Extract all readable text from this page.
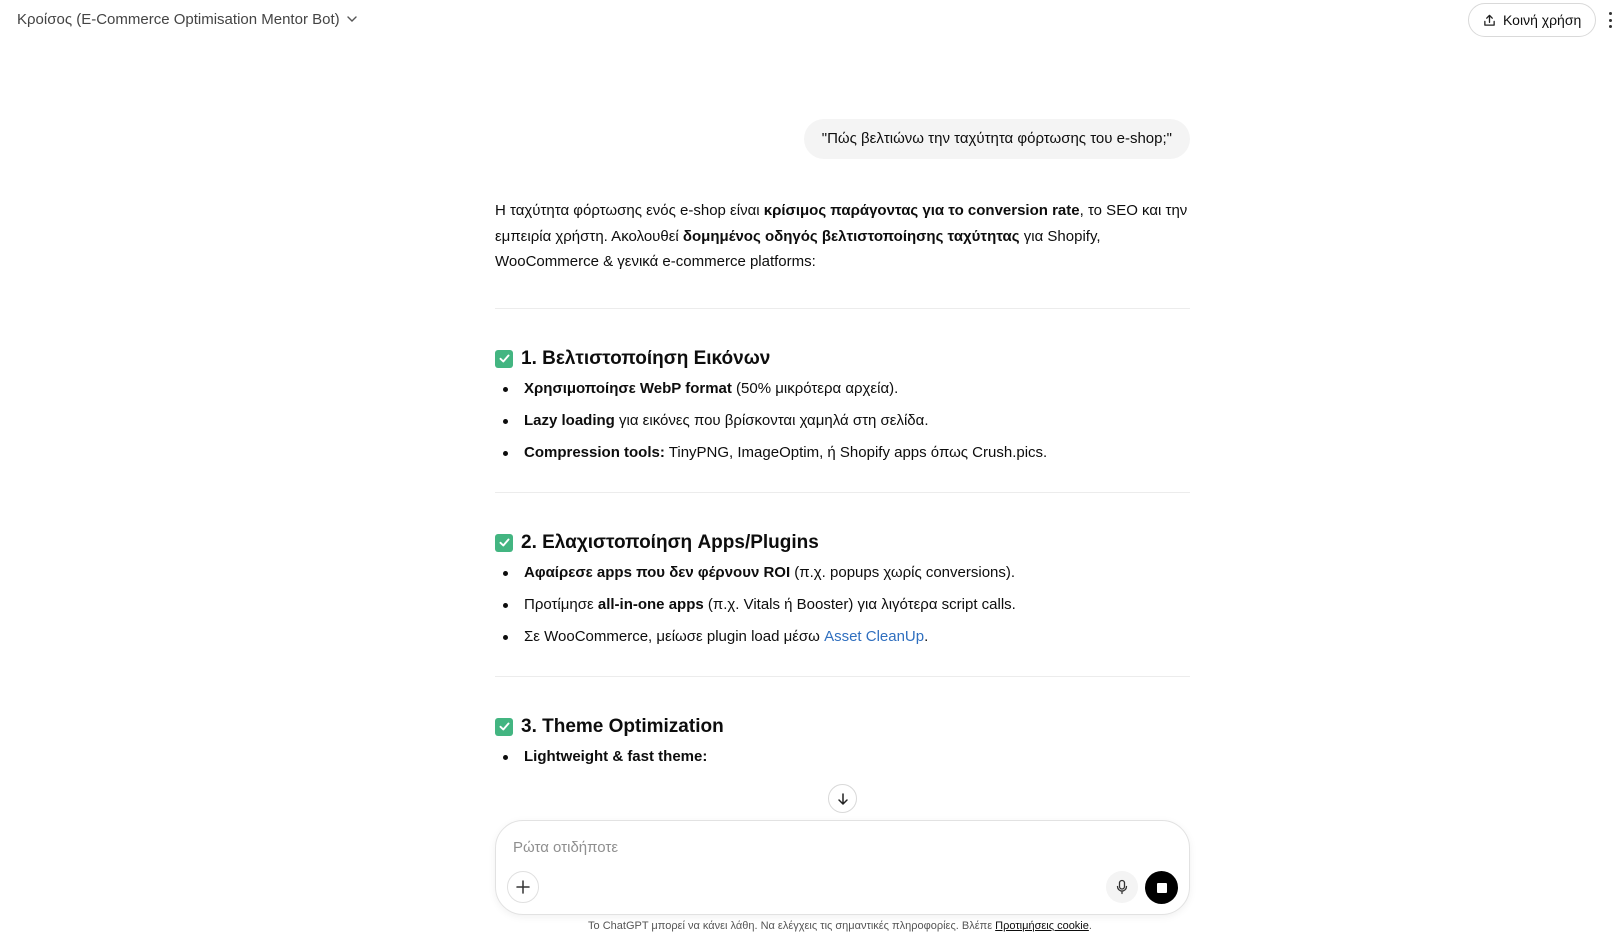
Κροίσος (E-Commerce Optimisation Mentor Bot)	Κοινή χρήση
"Πώς βελτιώνω την ταχύτητα φόρτωσης του e-shop;"

Η ταχύτητα φόρτωσης ενός e-shop είναι κρίσιμος παράγοντας για το conversion rate, το SEO και την εμπειρία χρήστη. Ακολουθεί δομημένος οδηγός βελτιστοποίησης ταχύτητας για Shopify, WooCommerce & γενικά e-commerce platforms:

1. Βελτιστοποίηση Εικόνων
Χρησιμοποίησε WebP format (50% μικρότερα αρχεία).
Lazy loading για εικόνες που βρίσκονται χαμηλά στη σελίδα.
Compression tools: TinyPNG, ImageOptim, ή Shopify apps όπως Crush.pics.
2. Ελαχιστοποίηση Apps/Plugins
Αφαίρεσε apps που δεν φέρνουν ROI (π.χ. popups χωρίς conversions).
Προτίμησε all-in-one apps (π.χ. Vitals ή Booster) για λιγότερα script calls.
Σε WooCommerce, μείωσε plugin load μέσω Asset CleanUp.
3. Theme Optimization
Lightweight & fast theme:
Ρώτα οτιδήποτε
Το ChatGPT μπορεί να κάνει λάθη. Να ελέγχεις τις σημαντικές πληροφορίες. Βλέπε Προτιμήσεις cookie.
